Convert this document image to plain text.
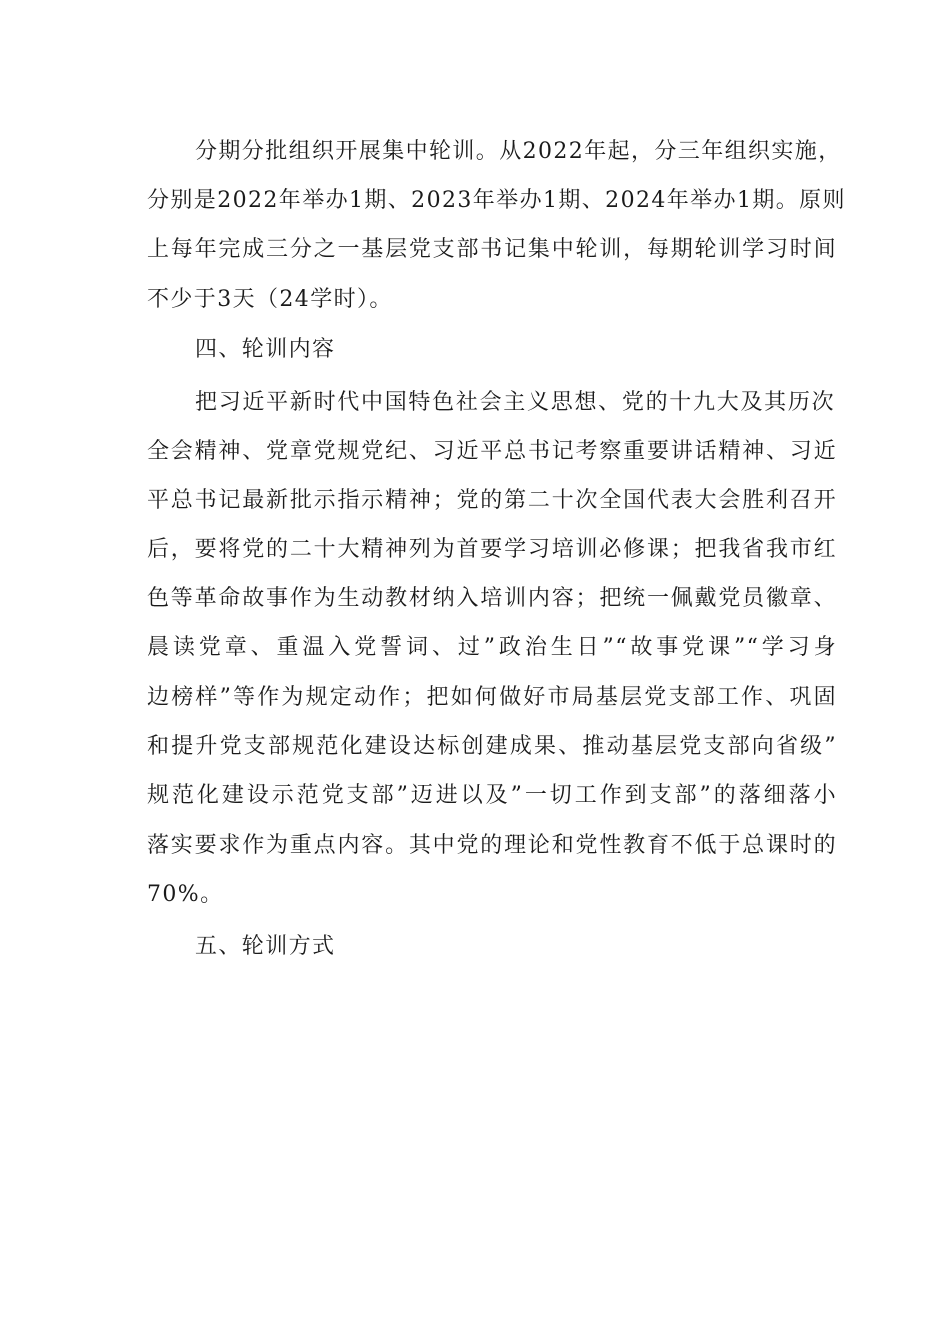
分期分批组织开展集中轮训。从2022年起，分三年组织实施，
分别是2022年举办1期、2023年举办1期、2024年举办1期。原则
上每年完成三分之一基层党支部书记集中轮训，每期轮训学习时间
不少于3天（24学时）。
四、轮训内容
把习近平新时代中国特色社会主义思想、党的十九大及其历次
全会精神、党章党规党纪、习近平总书记考察重要讲话精神、习近
平总书记最新批示指示精神；党的第二十次全国代表大会胜利召开
后，要将党的二十大精神列为首要学习培训必修课；把我省我市红
色等革命故事作为生动教材纳入培训内容；把统一佩戴党员徽章、
晨读党章、重温入党誓词、过”政治生日”“故事党课”“学习身
边榜样”等作为规定动作；把如何做好市局基层党支部工作、巩固
和提升党支部规范化建设达标创建成果、推动基层党支部向省级”
规范化建设示范党支部”迈进以及”一切工作到支部”的落细落小
落实要求作为重点内容。其中党的理论和党性教育不低于总课时的
70%。
五、轮训方式
